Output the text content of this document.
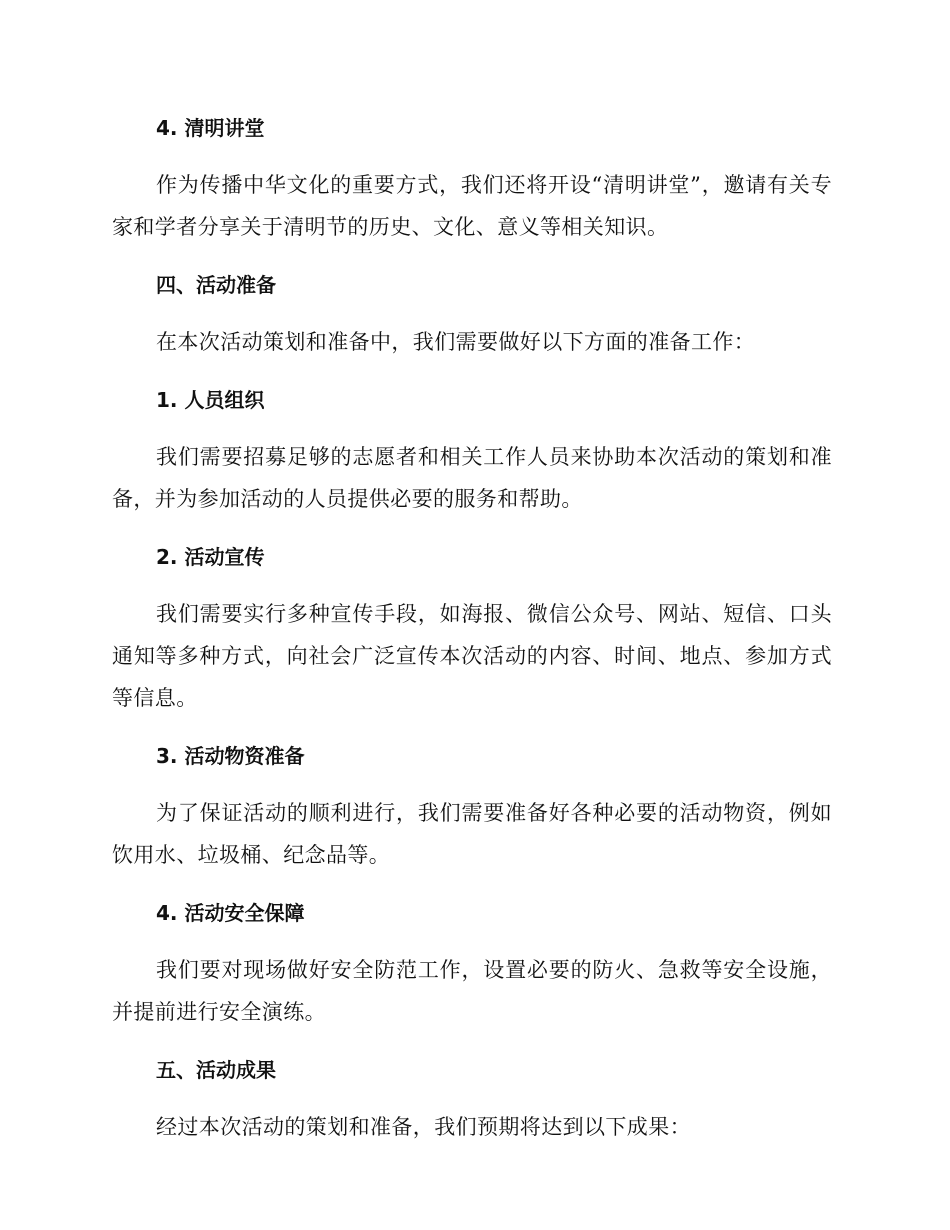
4. 清明讲堂

作为传播中华文化的重要方式，我们还将开设“清明讲堂”，邀请有关专家和学者分享关于清明节的历史、文化、意义等相关知识。

四、活动准备

在本次活动策划和准备中，我们需要做好以下方面的准备工作：

1. 人员组织

我们需要招募足够的志愿者和相关工作人员来协助本次活动的策划和准备，并为参加活动的人员提供必要的服务和帮助。

2. 活动宣传

我们需要实行多种宣传手段，如海报、微信公众号、网站、短信、口头通知等多种方式，向社会广泛宣传本次活动的内容、时间、地点、参加方式等信息。

3. 活动物资准备

为了保证活动的顺利进行，我们需要准备好各种必要的活动物资，例如饮用水、垃圾桶、纪念品等。

4. 活动安全保障

我们要对现场做好安全防范工作，设置必要的防火、急救等安全设施，并提前进行安全演练。

五、活动成果

经过本次活动的策划和准备，我们预期将达到以下成果：
